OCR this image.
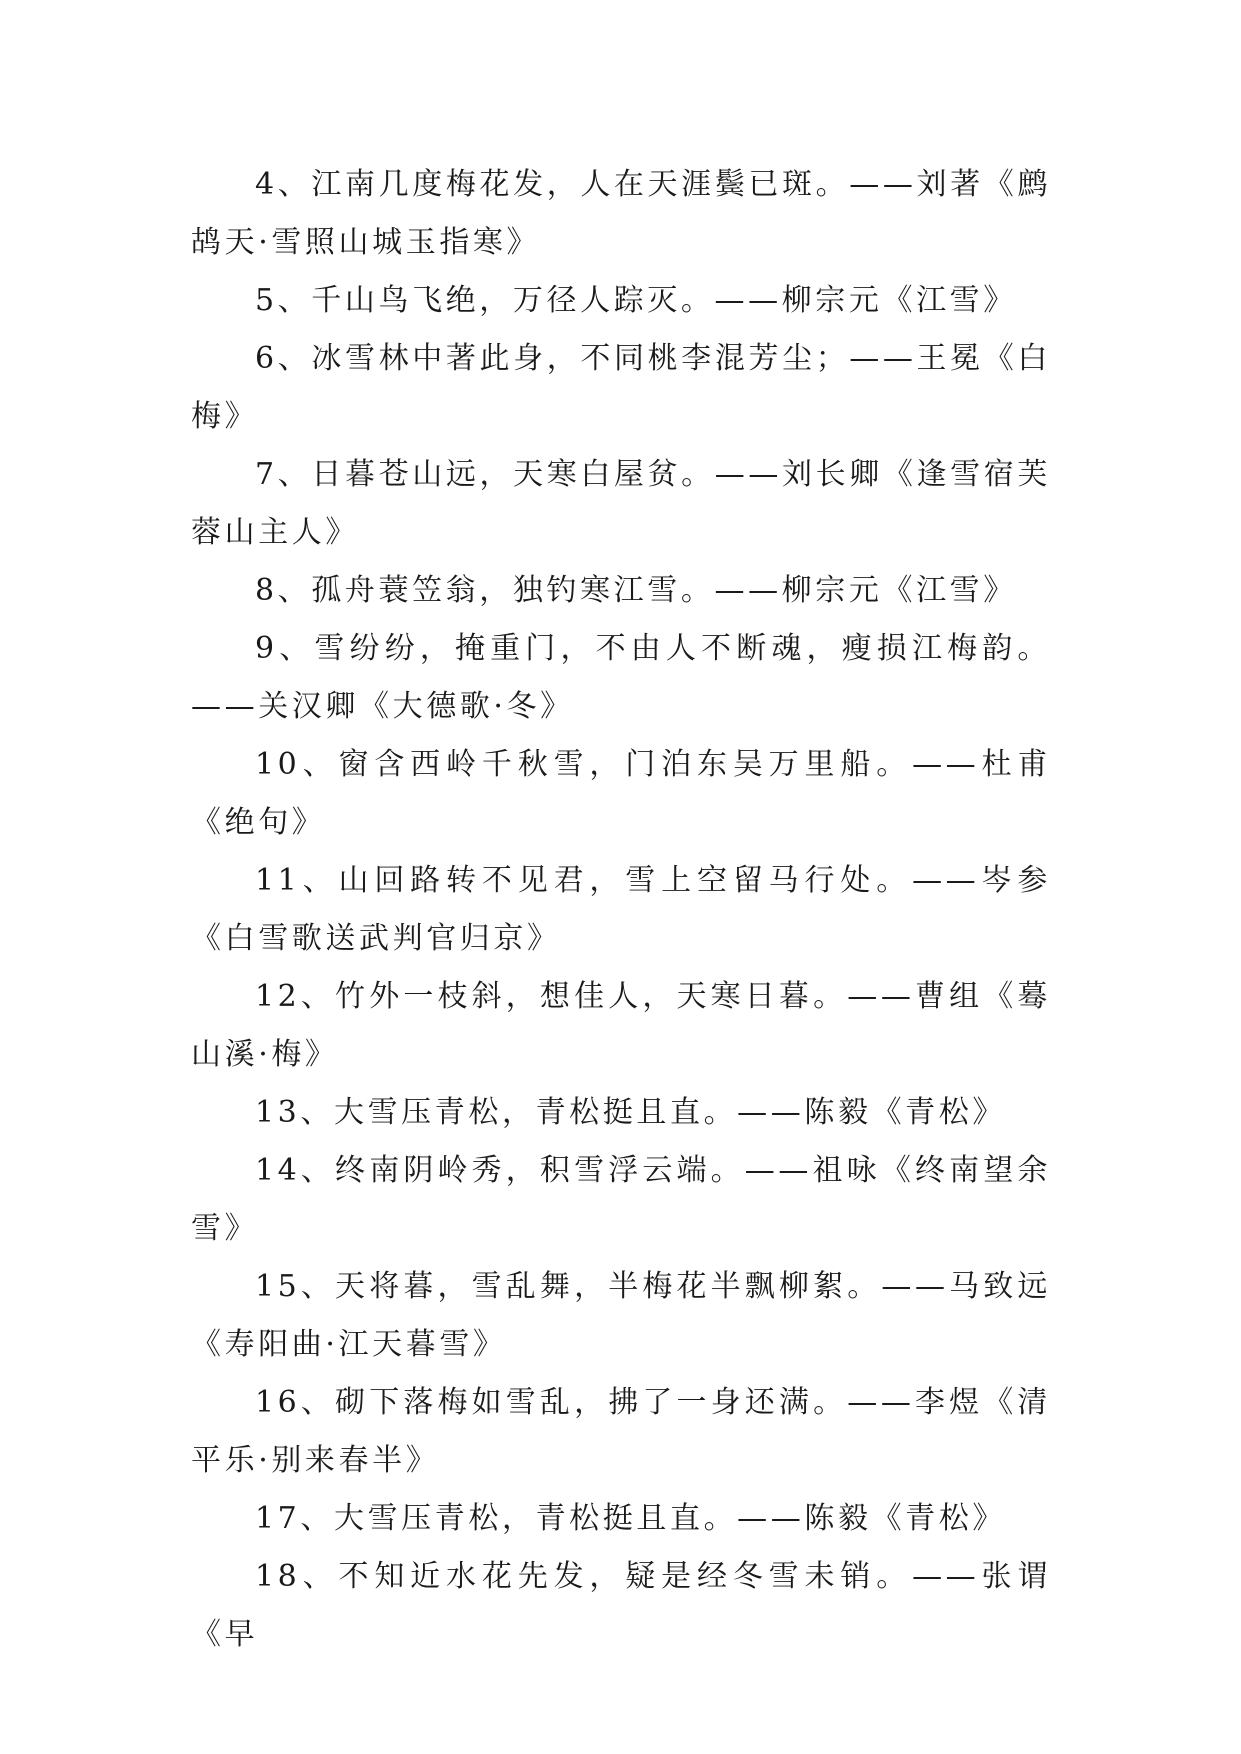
4、江南几度梅花发，人在天涯鬓已斑。——刘著《鹧鸪天·雪照山城玉指寒》

5、千山鸟飞绝，万径人踪灭。——柳宗元《江雪》

6、冰雪林中著此身，不同桃李混芳尘；——王冕《白梅》

7、日暮苍山远，天寒白屋贫。——刘长卿《逢雪宿芙蓉山主人》

8、孤舟蓑笠翁，独钓寒江雪。——柳宗元《江雪》

9、雪纷纷，掩重门，不由人不断魂，瘦损江梅韵。——关汉卿《大德歌·冬》

10、窗含西岭千秋雪，门泊东吴万里船。——杜甫《绝句》

11、山回路转不见君，雪上空留马行处。——岑参《白雪歌送武判官归京》

12、竹外一枝斜，想佳人，天寒日暮。——曹组《蓦山溪·梅》

13、大雪压青松，青松挺且直。——陈毅《青松》

14、终南阴岭秀，积雪浮云端。——祖咏《终南望余雪》

15、天将暮，雪乱舞，半梅花半飘柳絮。——马致远《寿阳曲·江天暮雪》

16、砌下落梅如雪乱，拂了一身还满。——李煜《清平乐·别来春半》

17、大雪压青松，青松挺且直。——陈毅《青松》

18、不知近水花先发，疑是经冬雪未销。——张谓《早
